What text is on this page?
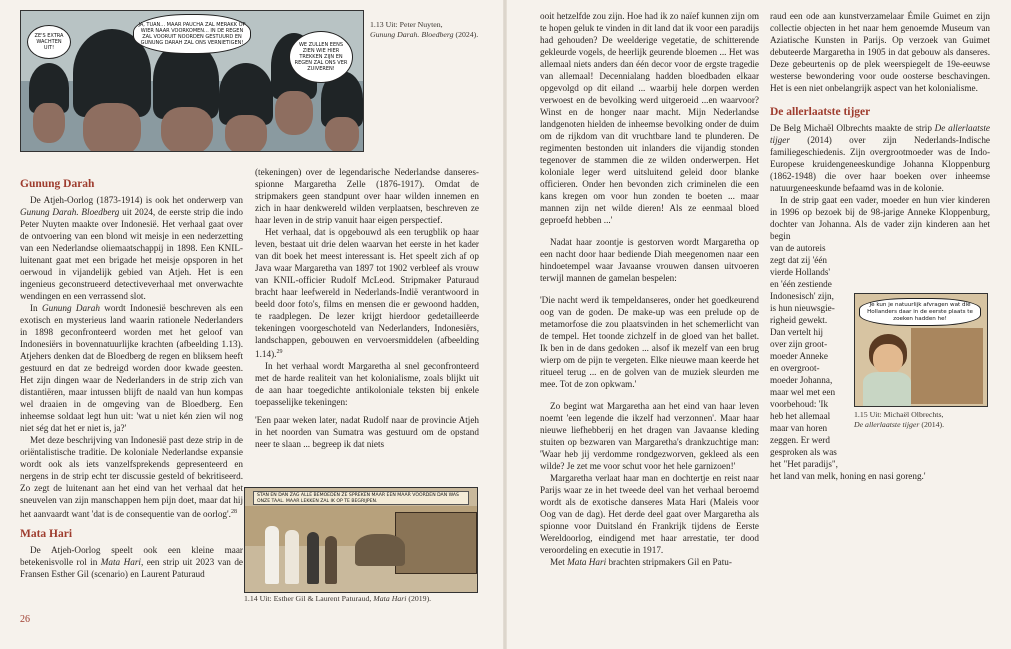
ZE'S EXTRA WACHTEN UIT!
JA, TUAN... MAAR PAUCHA ZAL MERAKK OP WIER NAAR VOORKOMEN... IN DE REGEN ZAL VOORUIT NOORDEN GESTUURD EN GUNUNG DARAH ZAL ONS VERNIETIGEN!	WE ZULLEN EENS ZIEN WIE HIER TREKKEN ZIJN EN REGEN ZAL ONS VER ZUIVEREN!
1.13 Uit: Peter Nuyten,
Gunung Darah. Bloedberg (2024).
Gunung Darah

De Atjeh-Oorlog (1873-1914) is ook het onderwerp van Gunung Darah. Bloedberg uit 2024, de eerste strip die indo Peter Nuyten maakte over Indonesië. Het verhaal gaat over de ontvoering van een blond wit meisje in een nederzetting van een Nederlandse oliemaatschappij in 1898. Een KNIL-luitenant gaat met een brigade het meisje opsporen in het oerwoud in vijandelijk gebied van Atjeh. Het is een ingenieus geconstrueerd detectiveverhaal met onverwachte wendingen en een verrassend slot.

In Gunung Darah wordt Indonesië beschreven als een exotisch en mysterieus land waarin rationele Nederlanders in 1898 geconfronteerd worden met het geloof van Indonesiërs in bovennatuurlijke krachten (afbeelding 1.13). Atjehers denken dat de Bloedberg de regen en bliksem heeft gestuurd en dat ze bedreigd worden door kwade geesten. Het zijn dingen waar de Nederlanders in de strip zich van distantiëren, maar intussen blijft de naald van hun kompas wel draaien in de omgeving van de Bloedberg. Een inheemse soldaat legt hun uit: 'wat u niet kén zien wil nog niet ség dat het er niet is, ja?'

Met deze beschrijving van Indonesië past deze strip in de oriëntalistische traditie. De koloniale Nederlandse expansie wordt ook als iets vanzelfsprekends gepresenteerd en nergens in de strip echt ter discussie gesteld of bekritiseerd. Zo zegt de luitenant aan het eind van het verhaal dat het sneuvelen van zijn manschappen hem pijn doet, maar dat hij het aanvaardt want 'dat is de consequentie van de oorlog'.$^{28}$

Mata Hari

De Atjeh-Oorlog speelt ook een kleine maar betekenisvolle rol in Mata Hari, een strip uit 2023 van de Fransen Esther Gil (scenario) en Laurent Paturaud

(tekeningen) over de legendarische Nederlandse danseres-spionne Margaretha Zelle (1876-1917). Omdat de stripmakers geen standpunt over haar wilden innemen en zich in haar denkwereld wilden verplaatsen, beschreven ze haar leven in de strip vanuit haar eigen perspectief.

Het verhaal, dat is opgebouwd als een terugblik op haar leven, bestaat uit drie delen waarvan het eerste in het kader van dit boek het meest interessant is. Het speelt zich af op Java waar Margaretha van 1897 tot 1902 verbleef als vrouw van KNIL-officier Rudolf McLeod. Stripmaker Paturaud bracht haar leefwereld in Nederlands-Indië verantwoord in beeld door foto's, films en mensen die er gewoond hadden, te raadplegen. De lezer krijgt hierdoor gedetailleerde tekeningen voorgeschoteld van Nederlanders, Indonesiërs, landschappen, gebouwen en vervoersmiddelen (afbeelding 1.14).$^{29}$

In het verhaal wordt Margaretha al snel geconfronteerd met de harde realiteit van het kolonialisme, zoals blijkt uit de aan haar toegedichte antikoloniale teksten bij enkele toepasselijke tekeningen:

'Een paar weken later, nadat Rudolf naar de provincie Atjeh in het noorden van Sumatra was gestuurd om de opstand neer te slaan ... begreep ik dat niets

STAN EN DAN ZAG ALLE BEMOEDEN ZE SPREKEN MAAR EEN MAAR VOORDEN DAN WAS ONZE TAAL. MAAR LEKKEN ZAL IK OP TE BEGRIJPEN.
1.14 Uit: Esther Gil & Laurent Paturaud, Mata Hari (2019).
26

ooit hetzelfde zou zijn. Hoe had ik zo naïef kunnen zijn om te hopen geluk te vinden in dit land dat ik voor een paradijs had gehouden? De weelderige vegetatie, de schitterende gekleurde vogels, de heerlijk geurende bloemen ... Het was allemaal niets anders dan één decor voor de ergste tragedie van allemaal! Decennialang hadden bloedbaden elkaar opgevolgd op dit eiland ... waarbij hele dorpen werden verwoest en de bevolking werd uitgeroeid ...en waarvoor? Winst en de honger naar macht. Mijn Nederlandse landgenoten hielden de inheemse bevolking onder de duim om de rijkdom van dit vruchtbare land te plunderen. De regimenten bestonden uit inlanders die vijandig stonden tegenover de stammen die ze wilden onderwerpen. Het koloniale leger werd uitsluitend geleid door blanke officieren. Onder hen bevonden zich criminelen die een kans kregen om voor hun zonden te boeten ... maar mannen zijn net wilde dieren! Als ze eenmaal bloed geproefd hebben ...'

Nadat haar zoontje is gestorven wordt Margaretha op een nacht door haar bediende Diah meegenomen naar een hindoetempel waar Javaanse vrouwen dansen uitvoeren terwijl mannen de gamelan bespelen:

'Die nacht werd ik tempeldanseres, onder het goedkeurend oog van de goden. De make-up was een prelude op de metamorfose die zou plaatsvinden in het schemerlicht van de tempel. Het toonde zichzelf in de gloed van het ballet. Ik ben in de dans gedoken ... alsof ik mezelf van een brug wierp om de pijn te vergeten. Elke nieuwe maan keerde het ritueel terug ... en de golven van de muziek sleurden me mee. Tot de zon opkwam.'

Zo begint wat Margaretha aan het eind van haar leven noemt 'een legende die ikzelf had verzonnen'. Maar haar nieuwe liefhebberij en het dragen van Javaanse kleding stuiten op bezwaren van Margaretha's drankzuchtige man: 'Waar heb jij verdomme rondgezworven, gekleed als een wilde? Je zet me voor schut voor het hele garnizoen!'

Margaretha verlaat haar man en dochtertje en reist naar Parijs waar ze in het tweede deel van het verhaal beroemd wordt als de exotische danseres Mata Hari (Maleis voor Oog van de dag). Het derde deel gaat over Margaretha als spionne voor Duitsland én Frankrijk tijdens de Eerste Wereldoorlog, eindigend met haar arrestatie, ter dood veroordeling en executie in 1917.

Met Mata Hari brachten stripmakers Gil en Patu-

raud een ode aan kunstverzamelaar Émile Guimet en zijn collectie objecten in het naar hem genoemde Museum van Aziatische Kunsten in Parijs. Op verzoek van Guimet debuteerde Margaretha in 1905 in dat gebouw als danseres. Deze gebeurtenis op de plek weerspiegelt de 19e-eeuwse westerse bewondering voor oude oosterse beschavingen. Het is een niet onbelangrijk aspect van het kolonialisme.

De allerlaatste tijger

De Belg Michaël Olbrechts maakte de strip De allerlaatste tijger (2014) over zijn Nederlands-Indische familiegeschiedenis. Zijn overgrootmoeder was de Indo-Europese kruidengeneeskundige Johanna Kloppenburg (1862-1948) die over haar boeken over inheemse natuurgeneeskunde befaamd was in de kolonie.

In de strip gaat een vader, moeder en hun vier kinderen in 1996 op bezoek bij de 98-jarige Anneke Kloppenburg, dochter van Johanna. Als de vader zijn kinderen aan het begin

van de autoreis
zegt dat zij 'één
vierde Hollands'
en 'één zestiende
Indonesisch' zijn,
is hun nieuwsgie-
righeid gewekt.
Dan vertelt hij
over zijn groot-
moeder Anneke
en overgroot-
moeder Johanna,
maar wel met een
voorbehoud: 'Ik
heb het allemaal
maar van horen
zeggen. Er werd
gesproken als was
het "Het paradijs",

het land van melk, honing en nasi goreng.'

Je kun je natuurlijk afvragen wat die Hollanders daar in de eerste plaats te zoeken hadden he!
1.15 Uit: Michaël Olbrechts,
De allerlaatste tijger (2014).
